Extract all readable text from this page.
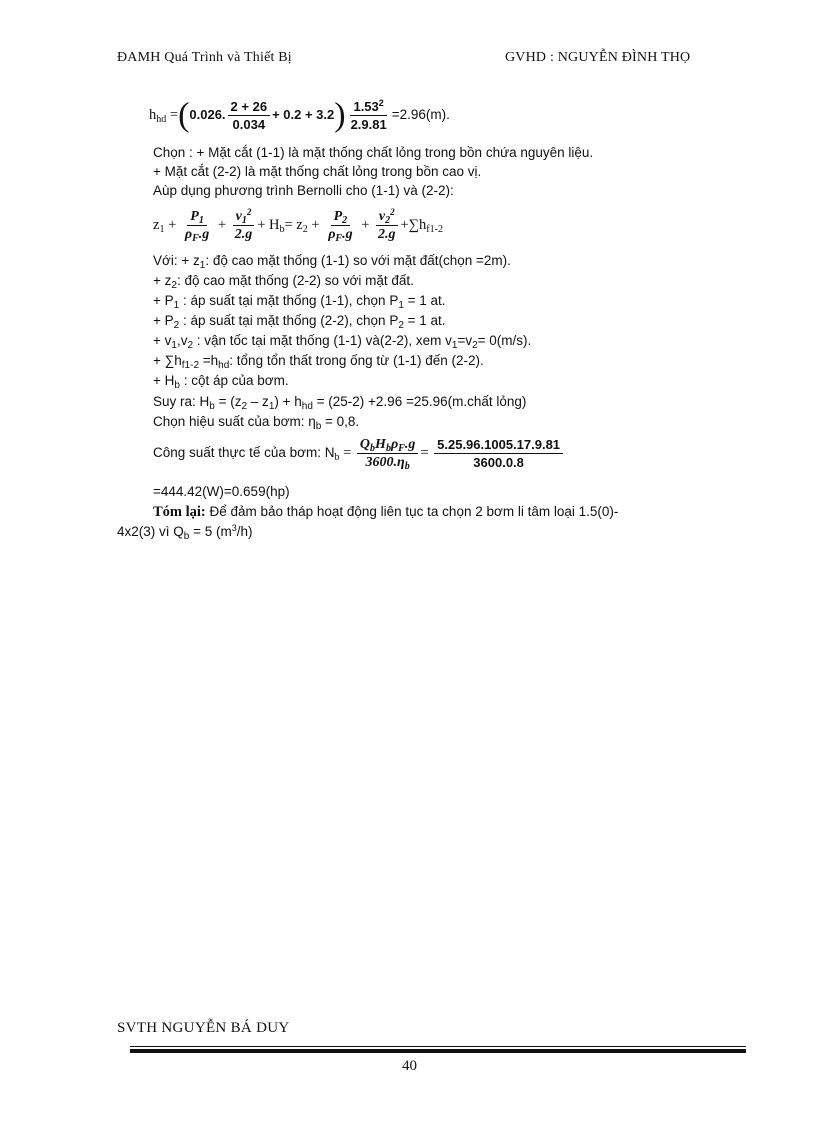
ĐAMH Quá Trình và Thiết Bị	GVHD : NGUYỄN ĐÌNH THỌ
$h_{hd} =(0.026$. $\frac{2 + 26}{0.034} + 0.2 + 3.2) \frac{1.53^2}{2.9.81} =2.96(m)$.
Chọn : + Mặt cắt (1-1) là mặt thống chất lỏng trong bồn chứa nguyên liệu.
+ Mặt cắt (2-2) là mặt thống chất lỏng trong bồn cao vị.
Aùp dụng phương trình Bernolli cho (1-1) và (2-2):
$z_1 + \frac{P_1}{\rho_F.g} + \frac{v_1^2}{2.g} + H_b= z_2 + \frac{P_2}{\rho_F.g} + \frac{v_2^2}{2.g} +\sum h_{f1-2}$
Với: + $z_1$: độ cao mặt thống (1-1) so với mặt đất(chọn =2m).
+ $z_2$: độ cao mặt thống (2-2) so với mặt đất.
+ $P_1$ : áp suất tại mặt thống (1-1), chọn $P_1 = 1$ at.
+ $P_2$ : áp suất tại mặt thống (2-2), chọn $P_2 = 1$ at.
+ $v_1,v_2$ : vận tốc tại mặt thống (1-1) và(2-2), xem $v_1=v_2= 0(m/s)$.
+ $\sum h_{f1-2} =h_{hd}$: tổng tổn thất trong ống từ (1-1) đến (2-2).
+ $H_b$ : cột áp của bơm.
Suy ra: $H_b = (z_2 - z_1) + h_{hd} = (25-2) +2.96$ =25.96(m.chất lỏng)
Chọn hiệu suất của bơm: $\eta_b = 0,8$.
Công suất thực tế của bơm: $N_b = \frac{Q_bH_b\rho_F.g}{3600.\eta_b} = \frac{5.25.96.1005.17.9.81}{3600.0.8}$
=444.42(W)=0.659(hp)
Tóm lại: Để đảm bảo tháp hoạt động liên tục ta chọn 2 bơm li tâm loại 1.5(0)-
4x2(3) vì $Q_b = 5$ $(m^3/h)$
SVTH NGUYỄN BÁ DUY
40
